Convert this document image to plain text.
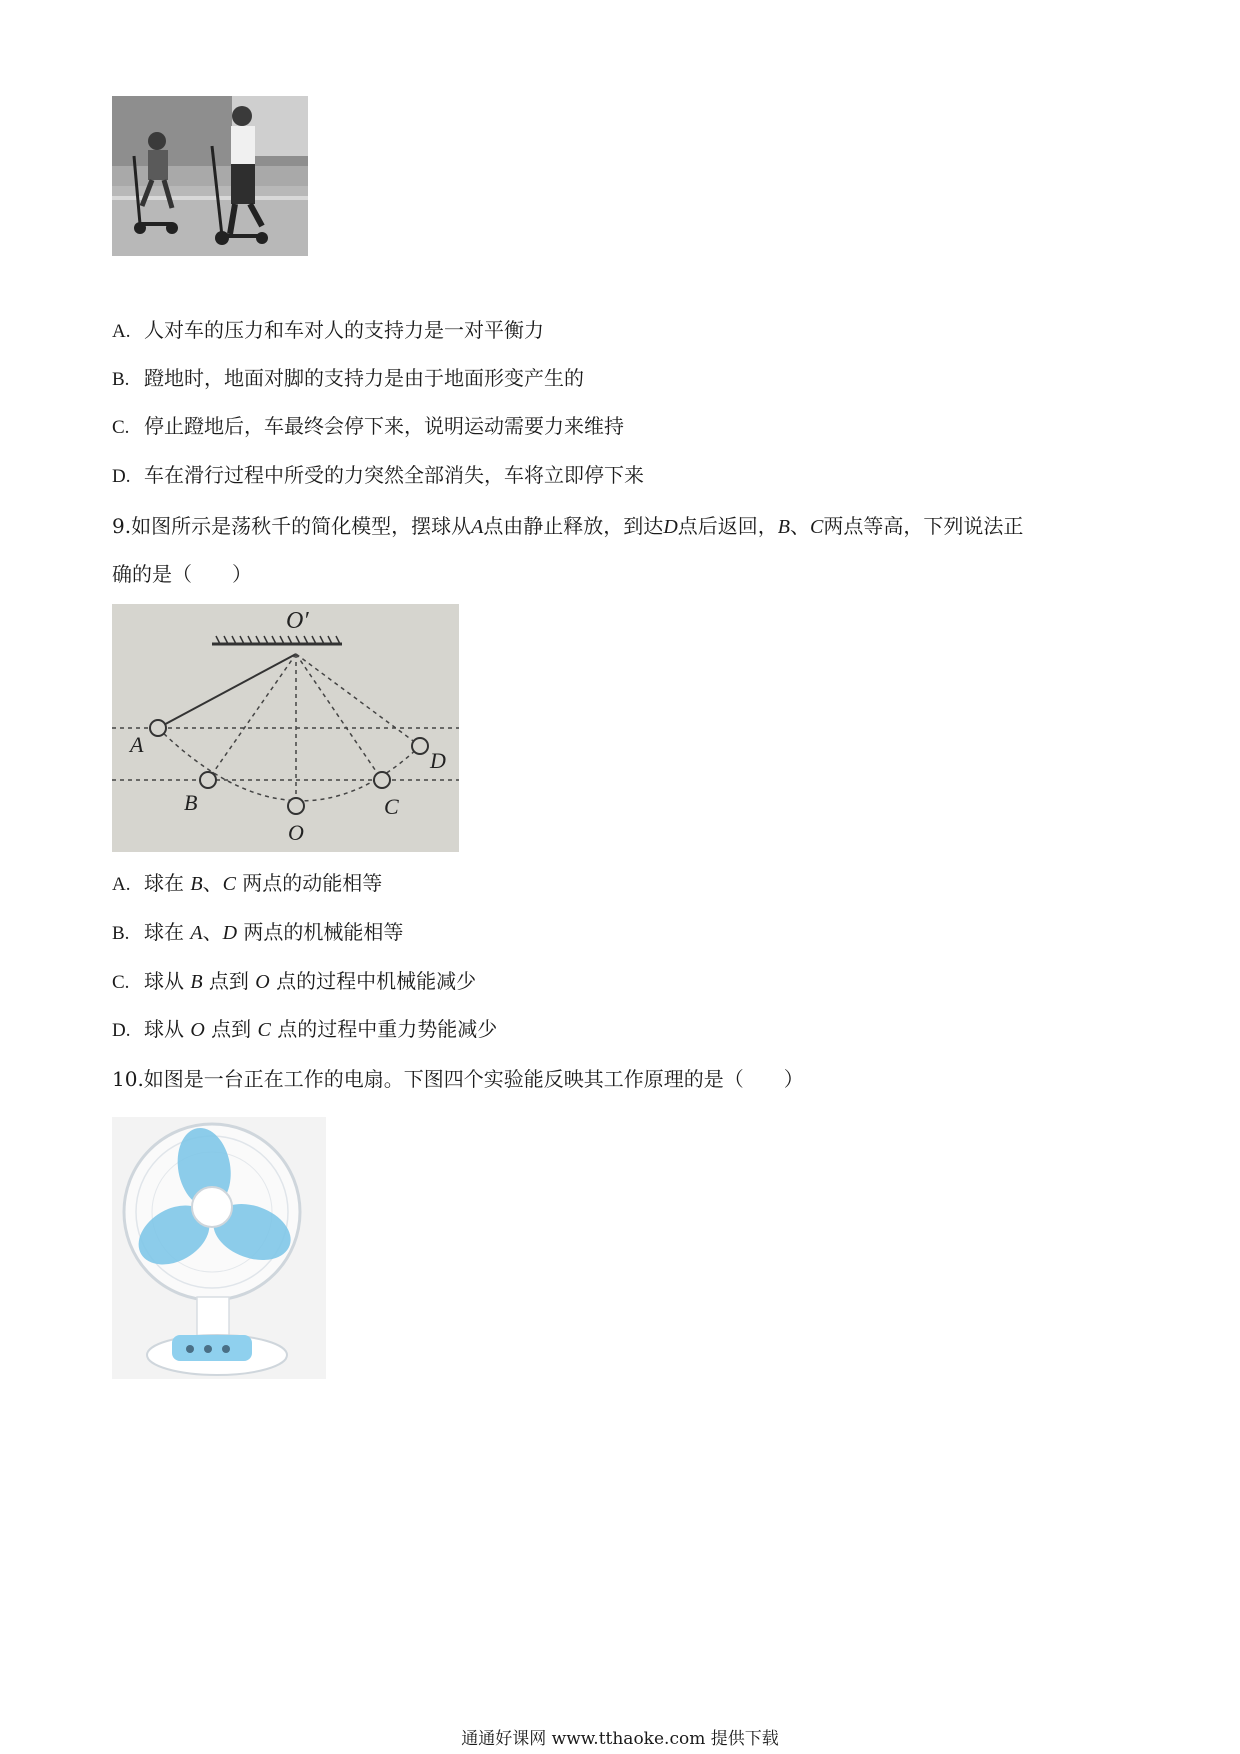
A. 人对车的压力和车对人的支持力是一对平衡力
B. 蹬地时，地面对脚的支持力是由于地面形变产生的
C. 停止蹬地后，车最终会停下来，说明运动需要力来维持
D. 车在滑行过程中所受的力突然全部消失，车将立即停下来
9.如图所示是荡秋千的简化模型，摆球从A点由静止释放，到达D点后返回，B、C两点等高，下列说法正
确的是（　　）
O′
A
B
O
C
D
A. 球在 B、C 两点的动能相等
B. 球在 A、D 两点的机械能相等
C. 球从 B 点到 O 点的过程中机械能减少
D. 球从 O 点到 C 点的过程中重力势能减少
10.如图是一台正在工作的电扇。下图四个实验能反映其工作原理的是（　　）
通通好课网 www.tthaoke.com 提供下载
